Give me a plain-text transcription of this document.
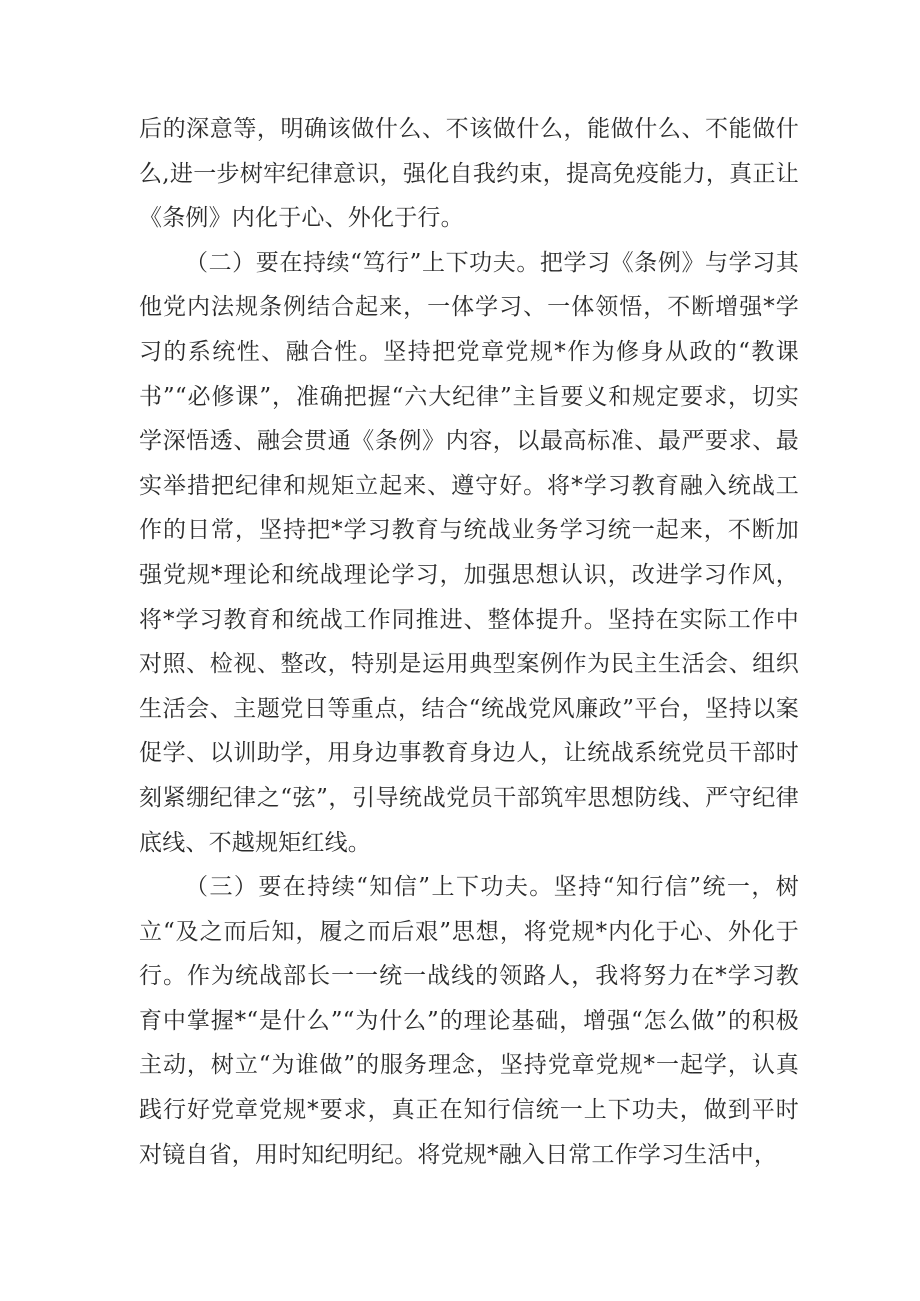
后的深意等，明确该做什么、不该做什么，能做什么、不能做什么,进一步树牢纪律意识，强化自我约束，提高免疫能力，真正让《条例》内化于心、外化于行。

（二）要在持续“笃行”上下功夫。把学习《条例》与学习其他党内法规条例结合起来，一体学习、一体领悟，不断增强*学习的系统性、融合性。坚持把党章党规*作为修身从政的“教课书”“必修课”，准确把握“六大纪律”主旨要义和规定要求，切实学深悟透、融会贯通《条例》内容，以最高标准、最严要求、最实举措把纪律和规矩立起来、遵守好。将*学习教育融入统战工作的日常，坚持把*学习教育与统战业务学习统一起来，不断加强党规*理论和统战理论学习，加强思想认识，改进学习作风，将*学习教育和统战工作同推进、整体提升。坚持在实际工作中对照、检视、整改，特别是运用典型案例作为民主生活会、组织生活会、主题党日等重点，结合“统战党风廉政”平台，坚持以案促学、以训助学，用身边事教育身边人，让统战系统党员干部时刻紧绷纪律之“弦”，引导统战党员干部筑牢思想防线、严守纪律底线、不越规矩红线。

（三）要在持续“知信”上下功夫。坚持“知行信”统一，树立“及之而后知，履之而后艰”思想，将党规*内化于心、外化于行。作为统战部长一一统一战线的领路人，我将努力在*学习教育中掌握*“是什么”“为什么”的理论基础，增强“怎么做”的积极主动，树立“为谁做”的服务理念，坚持党章党规*一起学，认真践行好党章党规*要求，真正在知行信统一上下功夫，做到平时对镜自省，用时知纪明纪。将党规*融入日常工作学习生活中，
